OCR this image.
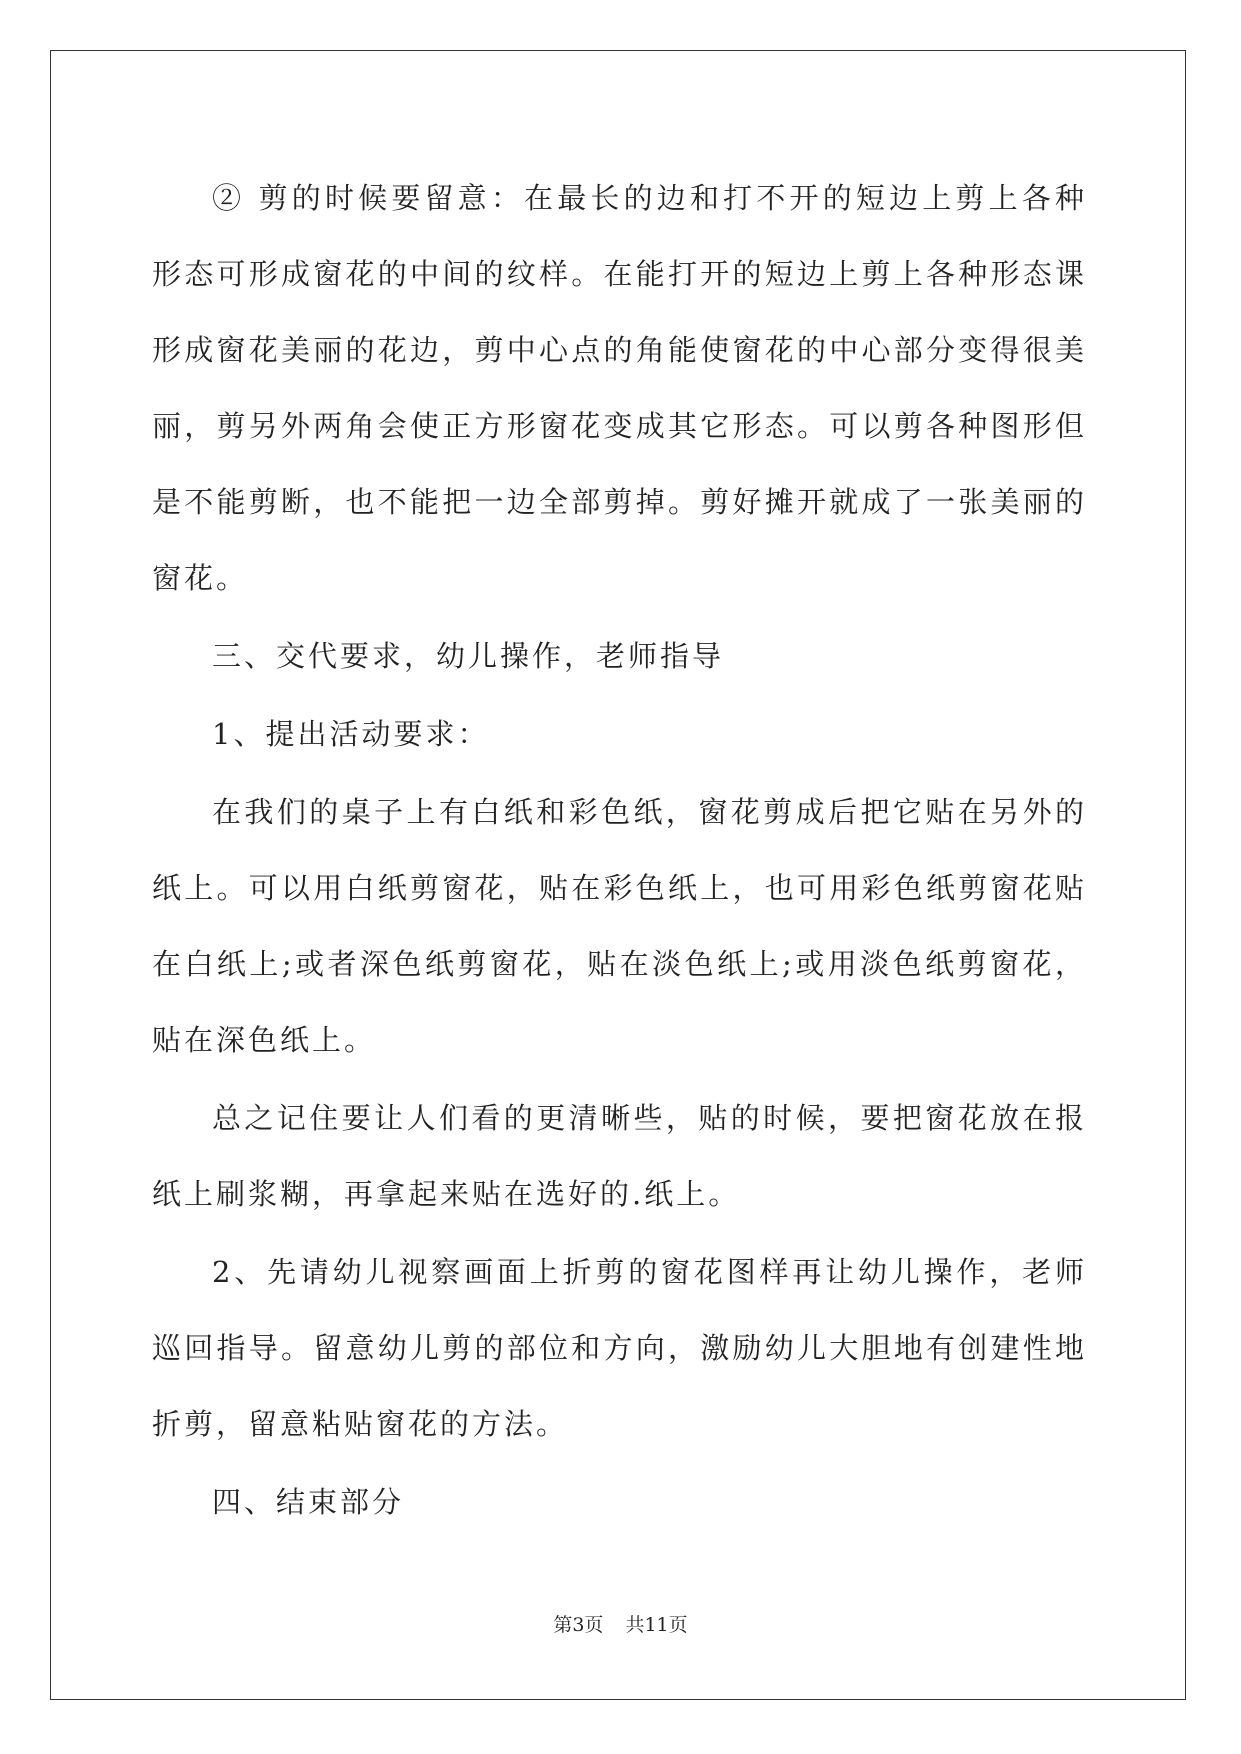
② 剪的时候要留意：在最长的边和打不开的短边上剪上各种形态可形成窗花的中间的纹样。在能打开的短边上剪上各种形态课形成窗花美丽的花边，剪中心点的角能使窗花的中心部分变得很美丽，剪另外两角会使正方形窗花变成其它形态。可以剪各种图形但是不能剪断，也不能把一边全部剪掉。剪好摊开就成了一张美丽的窗花。

三、交代要求，幼儿操作，老师指导

1、提出活动要求：

在我们的桌子上有白纸和彩色纸，窗花剪成后把它贴在另外的纸上。可以用白纸剪窗花，贴在彩色纸上，也可用彩色纸剪窗花贴在白纸上;或者深色纸剪窗花，贴在淡色纸上;或用淡色纸剪窗花，贴在深色纸上。

总之记住要让人们看的更清晰些，贴的时候，要把窗花放在报纸上刷浆糊，再拿起来贴在选好的.纸上。

2、先请幼儿视察画面上折剪的窗花图样再让幼儿操作，老师巡回指导。留意幼儿剪的部位和方向，激励幼儿大胆地有创建性地折剪，留意粘贴窗花的方法。

四、结束部分

第3页 共11页
